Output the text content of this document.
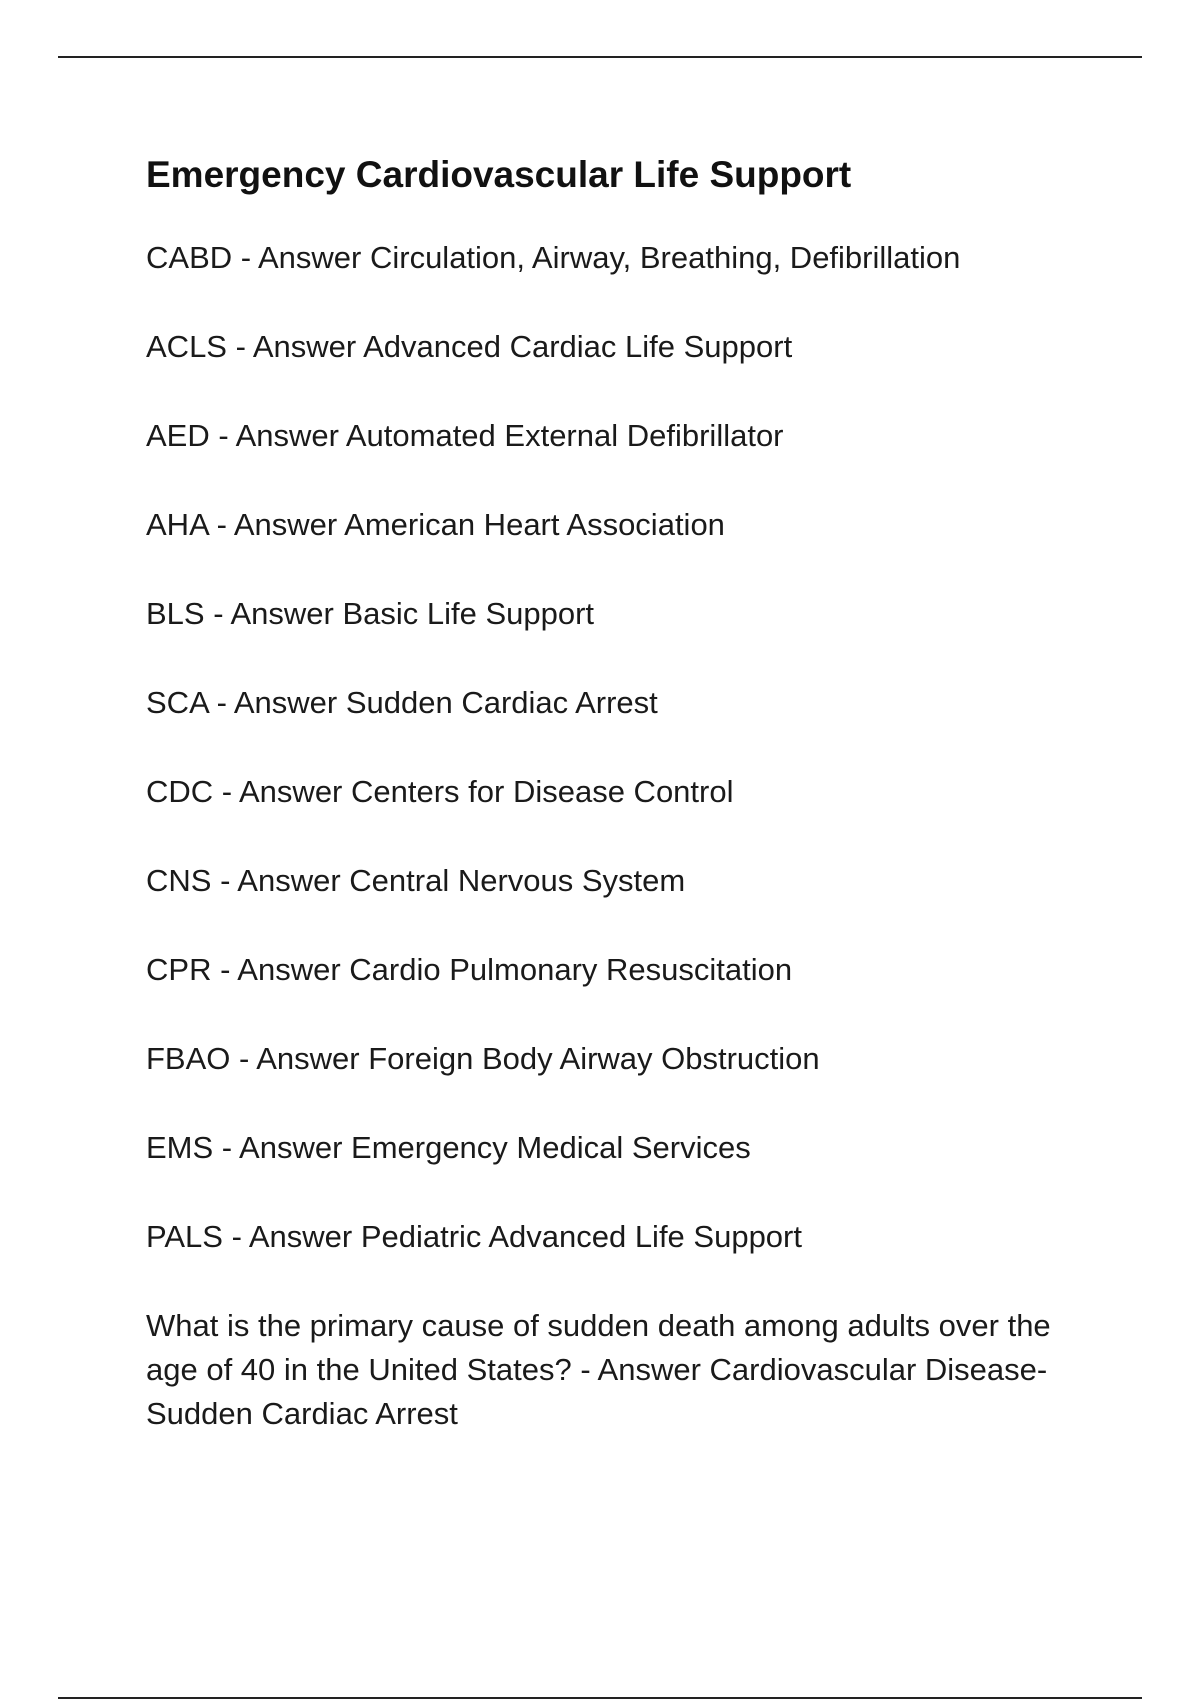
Emergency Cardiovascular Life Support
CABD - Answer Circulation, Airway, Breathing, Defibrillation
ACLS - Answer Advanced Cardiac Life Support
AED - Answer Automated External Defibrillator
AHA - Answer American Heart Association
BLS - Answer Basic Life Support
SCA - Answer Sudden Cardiac Arrest
CDC - Answer Centers for Disease Control
CNS - Answer Central Nervous System
CPR - Answer Cardio Pulmonary Resuscitation
FBAO - Answer Foreign Body Airway Obstruction
EMS - Answer Emergency Medical Services
PALS - Answer Pediatric Advanced Life Support
What is the primary cause of sudden death among adults over the age of 40 in the United States? - Answer Cardiovascular Disease- Sudden Cardiac Arrest
